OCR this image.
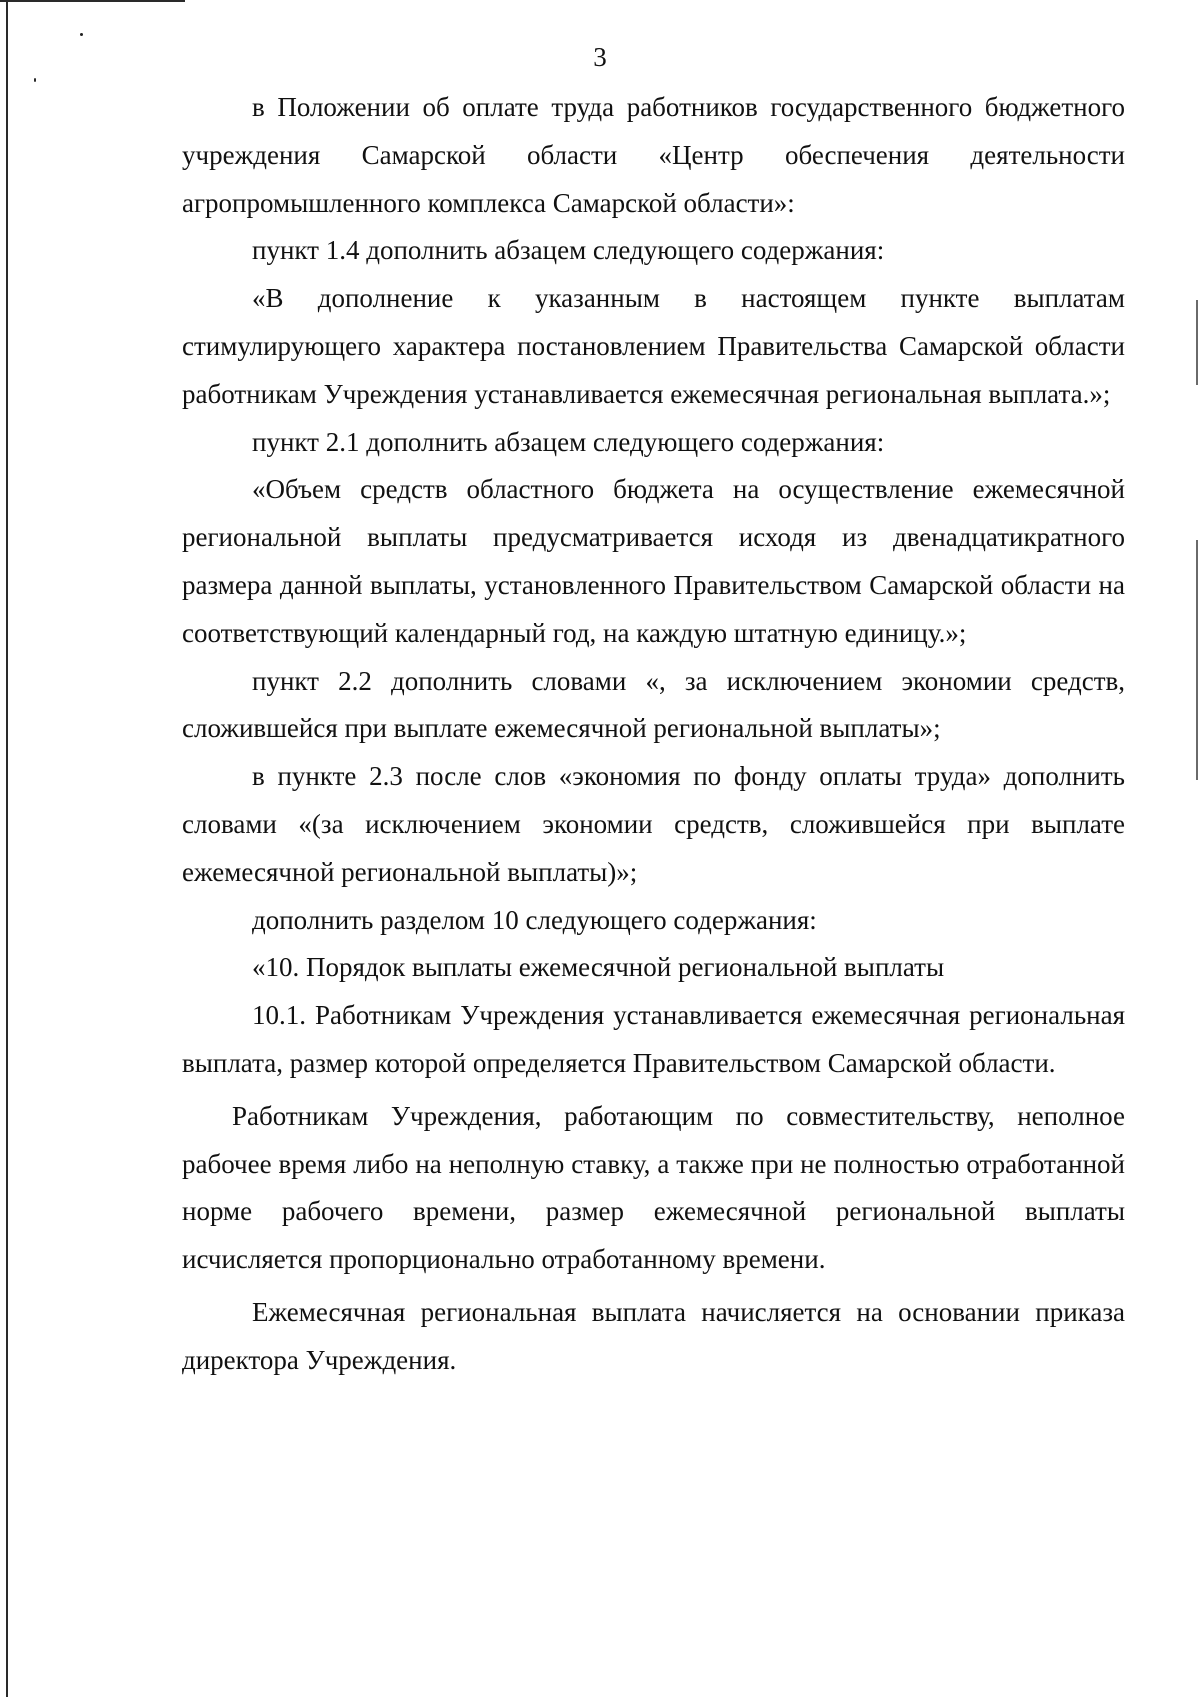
3

в Положении об оплате труда работников государственного бюджетного учреждения Самарской области «Центр обеспечения деятельности агропромышленного комплекса Самарской области»:

пункт 1.4 дополнить абзацем следующего содержания:

«В дополнение к указанным в настоящем пункте выплатам стимулирующего характера постановлением Правительства Самарской области работникам Учреждения устанавливается ежемесячная региональная выплата.»;

пункт 2.1 дополнить абзацем следующего содержания:

«Объем средств областного бюджета на осуществление ежемесячной региональной выплаты предусматривается исходя из двенадцатикратного размера данной выплаты, установленного Правительством Самарской области на соответствующий календарный год, на каждую штатную единицу.»;

пункт 2.2 дополнить словами «, за исключением экономии средств, сложившейся при выплате ежемесячной региональной выплаты»;

в пункте 2.3 после слов «экономия по фонду оплаты труда» дополнить словами «(за исключением экономии средств, сложившейся при выплате ежемесячной региональной выплаты)»;

дополнить разделом 10 следующего содержания:

«10. Порядок выплаты ежемесячной региональной выплаты

10.1. Работникам Учреждения устанавливается ежемесячная региональная выплата, размер которой определяется Правительством Самарской области.

Работникам Учреждения, работающим по совместительству, неполное рабочее время либо на неполную ставку, а также при не полностью отработанной норме рабочего времени, размер ежемесячной региональной выплаты исчисляется пропорционально отработанному времени.

Ежемесячная региональная выплата начисляется на основании приказа директора Учреждения.
